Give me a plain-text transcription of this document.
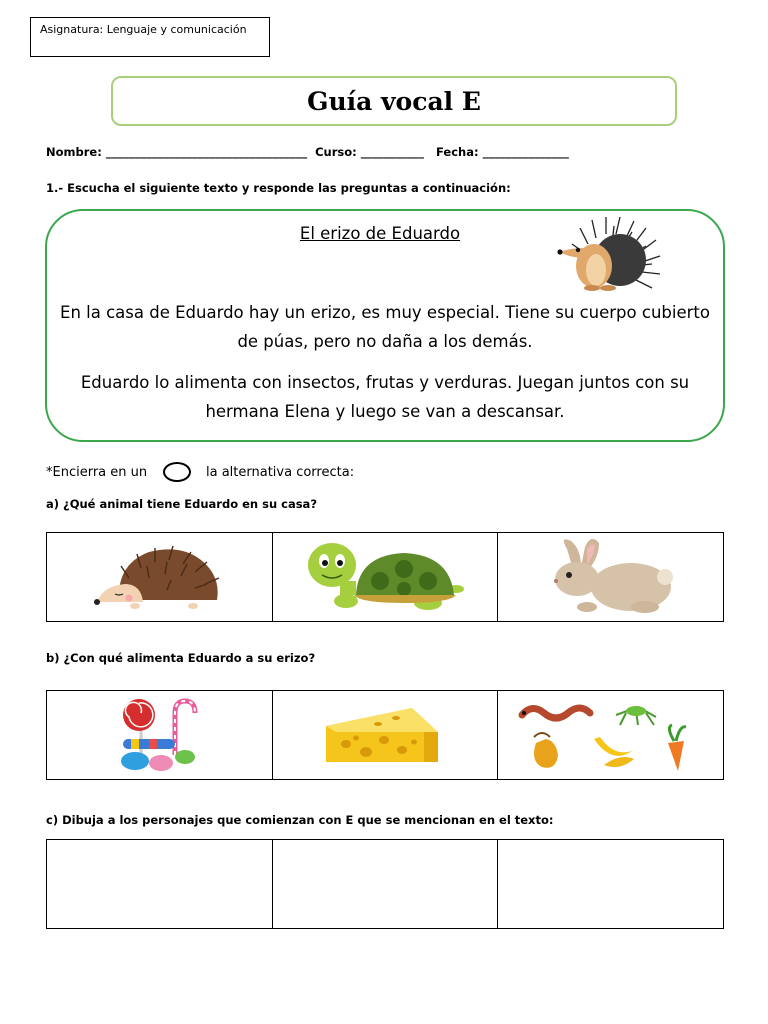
Asignatura: Lenguaje y comunicación
Guía vocal E
Nombre: ___________________________________ Curso: ___________ Fecha: _______________
1.- Escucha el siguiente texto y responde las preguntas a continuación:
El erizo de Eduardo
En la casa de Eduardo hay un erizo, es muy especial. Tiene su cuerpo cubierto de púas, pero no daña a los demás.
Eduardo lo alimenta con insectos, frutas y verduras. Juegan juntos con su hermana Elena y luego se van a descansar.
*Encierra en un	la alternativa correcta:
a) ¿Qué animal tiene Eduardo en su casa?

b) ¿Con qué alimenta Eduardo a su erizo?

c) Dibuja a los personajes que comienzan con E que se mencionan en el texto:
